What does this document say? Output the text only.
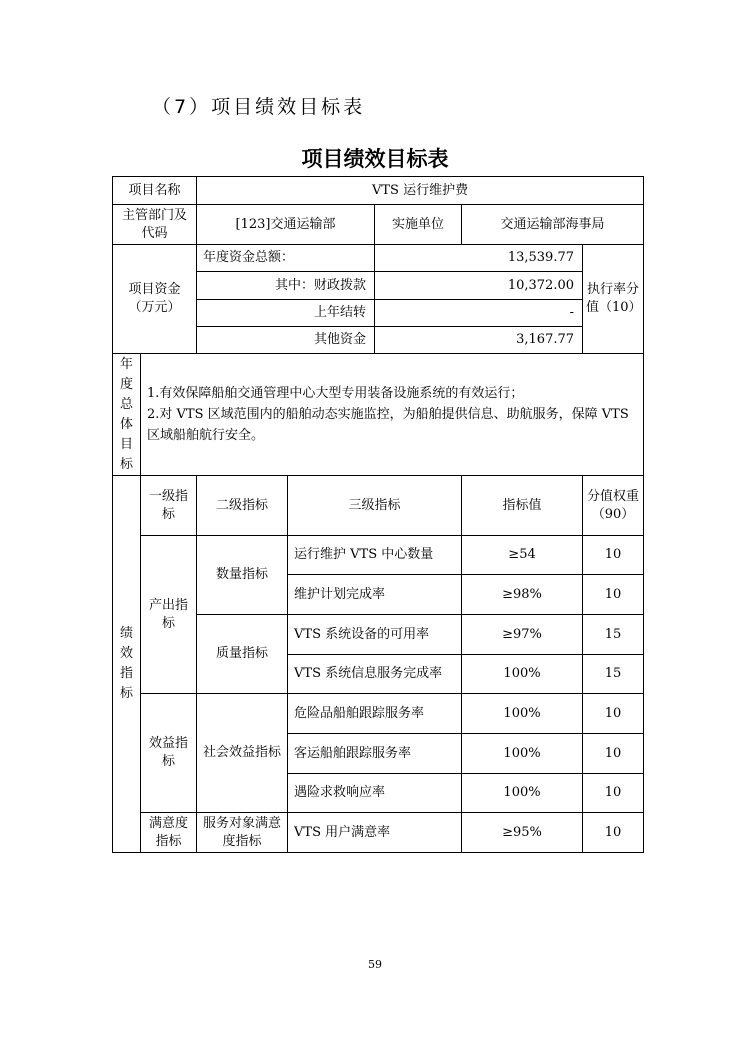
（7）项目绩效目标表
项目绩效目标表
项目名称		VTS 运行维护费				
主管部门及代码		[123]交通运输部		实施单位	交通运输部海事局	
项目资金（万元）		年度资金总额：		13,539.77		执行率分值（10）
		其中：财政拨款		10,372.00		
		上年结转		-		
		其他资金		3,167.77		
年度总体目标	1.有效保障船舶交通管理中心大型专用装备设施系统的有效运行；
2.对 VTS 区域范围内的船舶动态实施监控，为船舶提供信息、助航服务，保障 VTS
区域船舶航行安全。					

绩效指标	一级指标	二级指标	三级指标		指标值	分值权重（90）
	产出指标	数量指标	运行维护 VTS 中心数量		≥54	10
			维护计划完成率		≥98%	10
		质量指标	VTS 系统设备的可用率		≥97%	15
			VTS 系统信息服务完成率		100%	15
	效益指标	社会效益指标	危险品船舶跟踪服务率		100%	10
			客运船舶跟踪服务率		100%	10
			遇险求救响应率		100%	10
	满意度指标	服务对象满意度指标	VTS 用户满意率		≥95%	10
59
